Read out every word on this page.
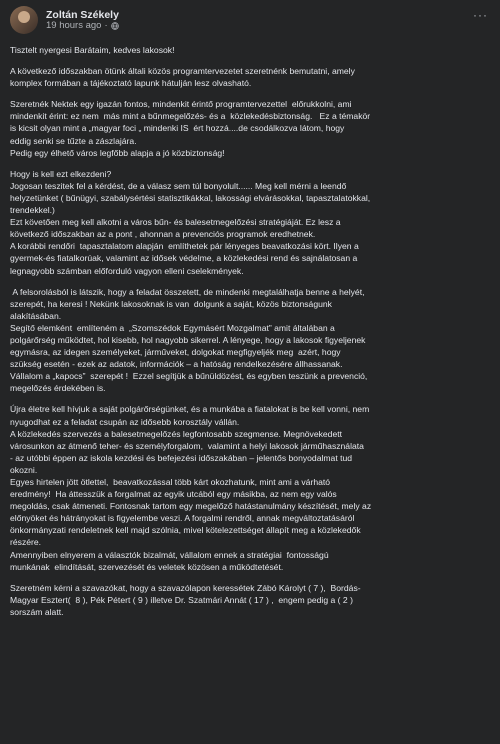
Zoltán Székely
19 hours ago ·
···

Tisztelt nyergesi Barátaim, kedves lakosok!

A következő időszakban ötünk általi közös programtervezetet szeretnénk bemutatni, amely
komplex formában a tájékoztató lapunk hátulján lesz olvasható.

Szeretnék Nektek egy igazán fontos, mindenkit érintő programtervezettel  előrukkolni, ami
mindenkit érint: ez nem  más mint a bűnmegelőzés- és a  közlekedésbiztonság.   Ez a témakör
is kicsit olyan mint a „magyar foci „ mindenki IS  ért hozzá....de csodálkozva látom, hogy
eddig senki se tűzte a zászlajára.
Pedig egy élhető város legfőbb alapja a jó közbiztonság!

Hogy is kell ezt elkezdeni?
Jogosan teszitek fel a kérdést, de a válasz sem túl bonyolult...... Meg kell mérni a leendő
helyzetünket ( bűnügyi, szabálysértési statisztikákkal, lakossági elvárásokkal, tapasztalatokkal,
trendekkel.)
Ezt követően meg kell alkotni a város bűn- és balesetmegelőzési stratégiáját. Ez lesz a
következő időszakban az a pont , ahonnan a prevenciós programok eredhetnek.
A korábbi rendőri  tapasztalatom alapján  említhetek pár lényeges beavatkozási kört. Ilyen a
gyermek-és fiatalkorúak, valamint az idősek védelme, a közlekedési rend és sajnálatosan a
legnagyobb számban előforduló vagyon elleni cselekmények.

A felsorolásból is látszik, hogy a feladat összetett, de mindenki megtalálhatja benne a helyét,
szerepét, ha keresi ! Nekünk lakosoknak is van  dolgunk a saját, közös biztonságunk
alakításában.
Segítő elemként  említeném a  „Szomszédok Egymásért Mozgalmat” amit általában a
polgárőrség működtet, hol kisebb, hol nagyobb sikerrel. A lényege, hogy a lakosok figyeljenek
egymásra, az idegen személyeket, járműveket, dolgokat megfigyeljék meg  azért, hogy
szükség esetén - ezek az adatok, információk – a hatóság rendelkezésére állhassanak.
Vállalom a „kapocs”  szerepét !  Ezzel segítjük a bűnüldözést, és egyben teszünk a prevenció,
megelőzés érdekében is.

Újra életre kell hívjuk a saját polgárőrségünket, és a munkába a fiatalokat is be kell vonni, nem
nyugodhat ez a feladat csupán az idősebb korosztály vállán.
A közlekedés szervezés a balesetmegelőzés legfontosabb szegmense. Megnövekedett
városunkon az átmenő teher- és személyforgalom,  valamint a helyi lakosok járműhasználata
- az utóbbi éppen az iskola kezdési és befejezési időszakában – jelentős bonyodalmat tud
okozni.
Egyes hirtelen jött ötlettel,  beavatkozással több kárt okozhatunk, mint ami a várható
eredmény!  Ha áttesszük a forgalmat az egyik utcából egy másikba, az nem egy valós
megoldás, csak átmeneti. Fontosnak tartom egy megelőző hatástanulmány készítését, mely az
előnyöket és hátrányokat is figyelembe veszi. A forgalmi rendről, annak megváltoztatásáról
önkormányzati rendeletnek kell majd szólnia, mivel kötelezettséget állapít meg a közlekedők
részére.
Amennyiben elnyerem a választók bizalmát, vállalom ennek a stratégiai  fontosságú
munkának  elindítását, szervezését és veletek közösen a működtetését.

Szeretném kérni a szavazókat, hogy a szavazólapon keressétek Zábó Károlyt ( 7 ),  Bordás-
Magyar Esztert(  8 ), Pék Pétert ( 9 ) illetve Dr. Szatmári Annát ( 17 ) ,  engem pedig a ( 2 )
sorszám alatt.
